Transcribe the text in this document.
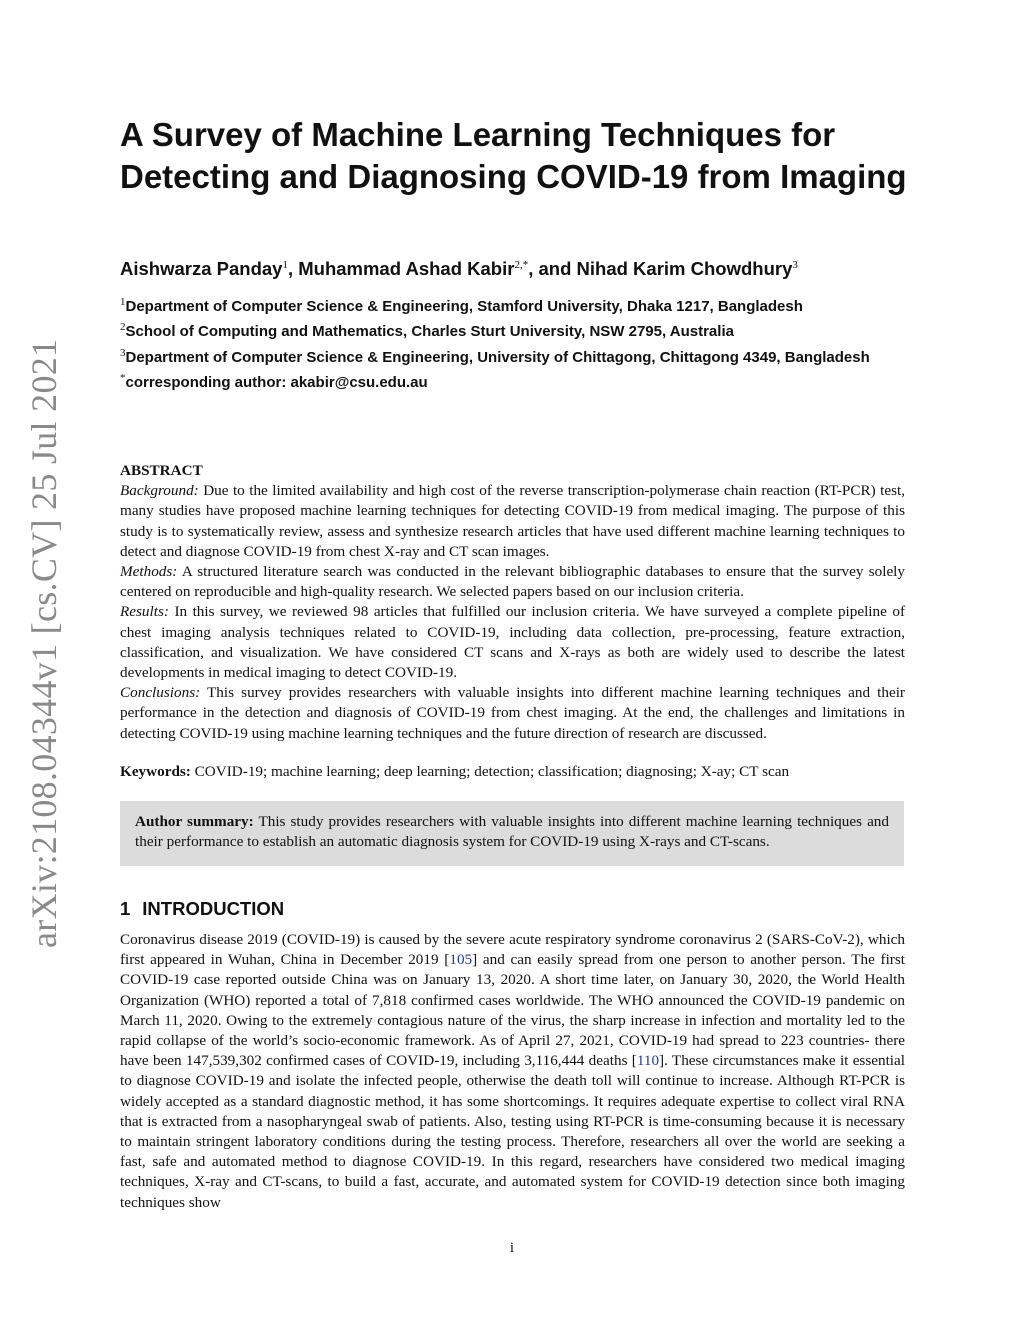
arXiv:2108.04344v1 [cs.CV] 25 Jul 2021
A Survey of Machine Learning Techniques for Detecting and Diagnosing COVID-19 from Imaging

Aishwarza Panday$^1$, Muhammad Ashad Kabir$^{2,*}$, and Nihad Karim Chowdhury$^3$

$^1$Department of Computer Science & Engineering, Stamford University, Dhaka 1217, Bangladesh

$^2$School of Computing and Mathematics, Charles Sturt University, NSW 2795, Australia

$^3$Department of Computer Science & Engineering, University of Chittagong, Chittagong 4349, Bangladesh

*corresponding author: akabir@csu.edu.au

ABSTRACT

Background: Due to the limited availability and high cost of the reverse transcription-polymerase chain reaction (RT-PCR) test, many studies have proposed machine learning techniques for detecting COVID-19 from medical imaging. The purpose of this study is to systematically review, assess and synthesize research articles that have used different machine learning techniques to detect and diagnose COVID-19 from chest X-ray and CT scan images.

Methods: A structured literature search was conducted in the relevant bibliographic databases to ensure that the survey solely centered on reproducible and high-quality research. We selected papers based on our inclusion criteria.

Results: In this survey, we reviewed 98 articles that fulfilled our inclusion criteria. We have surveyed a complete pipeline of chest imaging analysis techniques related to COVID-19, including data collection, pre-processing, feature extraction, classification, and visualization. We have considered CT scans and X-rays as both are widely used to describe the latest developments in medical imaging to detect COVID-19.

Conclusions: This survey provides researchers with valuable insights into different machine learning techniques and their performance in the detection and diagnosis of COVID-19 from chest imaging. At the end, the challenges and limitations in detecting COVID-19 using machine learning techniques and the future direction of research are discussed.

Keywords: COVID-19; machine learning; deep learning; detection; classification; diagnosing; X-ay; CT scan

Author summary: This study provides researchers with valuable insights into different machine learning techniques and their performance to establish an automatic diagnosis system for COVID-19 using X-rays and CT-scans.

1 INTRODUCTION

Coronavirus disease 2019 (COVID-19) is caused by the severe acute respiratory syndrome coronavirus 2 (SARS-CoV-2), which first appeared in Wuhan, China in December 2019 [105] and can easily spread from one person to another person. The first COVID-19 case reported outside China was on January 13, 2020. A short time later, on January 30, 2020, the World Health Organization (WHO) reported a total of 7,818 confirmed cases worldwide. The WHO announced the COVID-19 pandemic on March 11, 2020. Owing to the extremely contagious nature of the virus, the sharp increase in infection and mortality led to the rapid collapse of the world’s socio-economic framework. As of April 27, 2021, COVID-19 had spread to 223 countries- there have been 147,539,302 confirmed cases of COVID-19, including 3,116,444 deaths [110]. These circumstances make it essential to diagnose COVID-19 and isolate the infected people, otherwise the death toll will continue to increase. Although RT-PCR is widely accepted as a standard diagnostic method, it has some shortcomings. It requires adequate expertise to collect viral RNA that is extracted from a nasopharyngeal swab of patients. Also, testing using RT-PCR is time-consuming because it is necessary to maintain stringent laboratory conditions during the testing process. Therefore, researchers all over the world are seeking a fast, safe and automated method to diagnose COVID-19. In this regard, researchers have considered two medical imaging techniques, X-ray and CT-scans, to build a fast, accurate, and automated system for COVID-19 detection since both imaging techniques show

i
